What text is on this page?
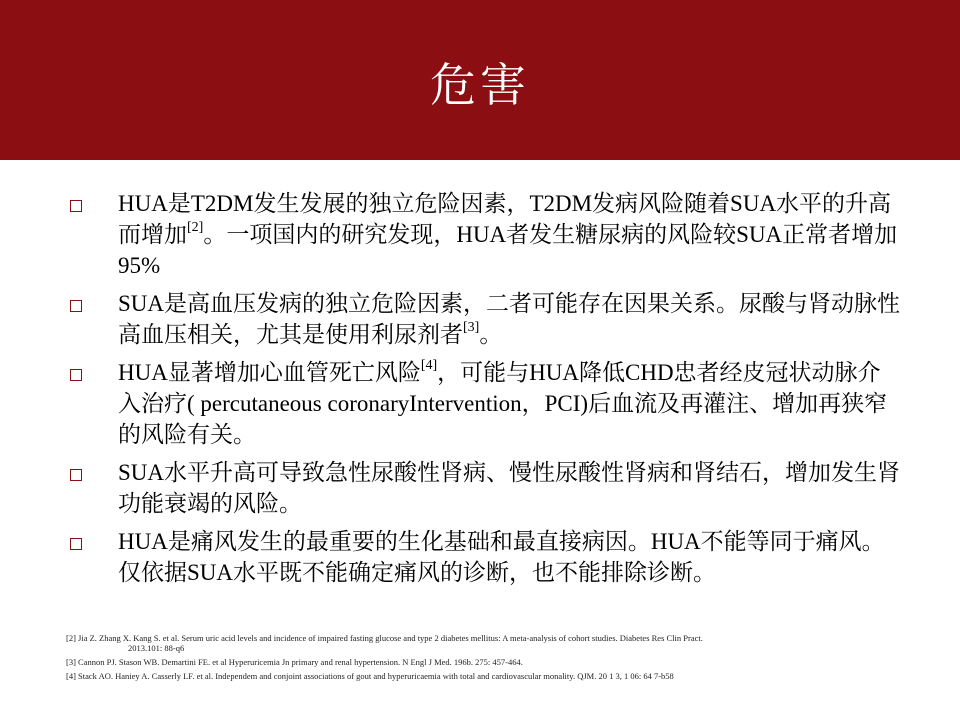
危害
HUA是T2DM发生发展的独立危险因素，T2DM发病风险随着SUA水平的升高而增加[2]。一项国内的研究发现，HUA者发生糖尿病的风险较SUA正常者增加95%
SUA是高血压发病的独立危险因素，二者可能存在因果关系。尿酸与肾动脉性高血压相关，尤其是使用利尿剂者[3]。
HUA显著增加心血管死亡风险[4]，可能与HUA降低CHD忠者经皮冠状动脉介入治疗( percutaneous coronaryIntervention，PCI)后血流及再灌注、增加再狭窄的风险有关。
SUA水平升高可导致急性尿酸性肾病、慢性尿酸性肾病和肾结石，增加发生肾功能衰竭的风险。
HUA是痛风发生的最重要的生化基础和最直接病因。HUA不能等同于痛风。仅依据SUA水平既不能确定痛风的诊断，也不能排除诊断。
[2] Jia Z. Zhang X. Kang S. et al. Serum uric acid levels and incidence of impaired fasting glucose and type 2 diabetes mellitus: A meta-analysis of cohort studies. Diabetes Res Clin Pract.
2013.101: 88-q6
[3] Cannon PJ. Stason WB. Demartini FE. et al Hyperuricemia Jn primary and renal hypertension. N Engl J Med. 196b. 275: 457-464.
[4] Stack AO. Haniey A. Casserly LF. et al. Independem and conjoint associations of gout and hyperuricaemia with total and cardiovascular monality. QJM. 20 1 3, 1 06: 64 7-b58
